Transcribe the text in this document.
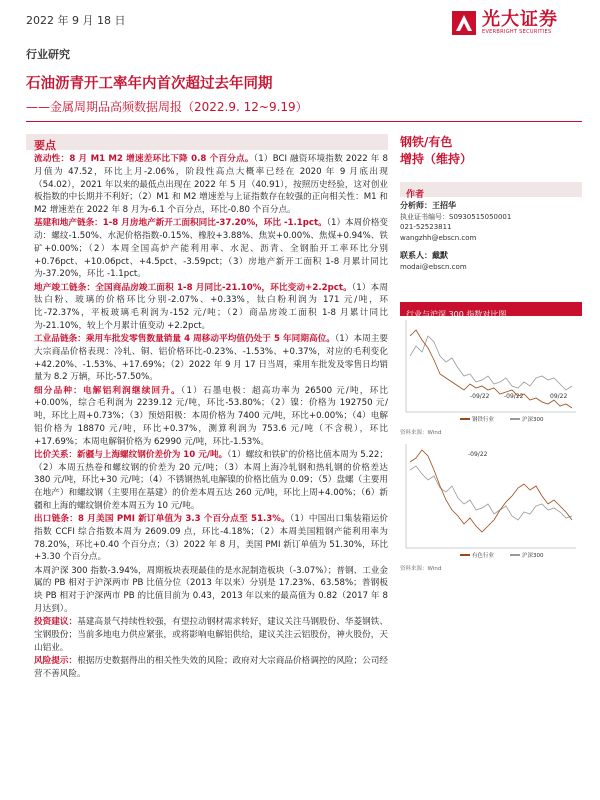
2022 年 9 月 18 日	光大证券
EVERBRIGHT SECURITIES
行业研究
石油沥青开工率年内首次超过去年同期
——金属周期品高频数据周报（2022.9. 12~9.19）
要点
流动性：8 月 M1 M2 增速差环比下降 0.8 个百分点。（1）BCI 融资环境指数 2022 年 8 月值为 47.52，环比上月-2.06%，阶段性高点大概率已经在 2020 年 9 月底出现（54.02），2021 年以来的最低点出现在 2022 年 5 月（40.91），按照历史经验，这对创业板指数的中长期并不利好；（2）M1 和 M2 增速差与上证指数存在较强的正向相关性：M1 和 M2 增速差在 2022 年 8 月为-6.1 个百分点，环比-0.80 个百分点。
基建和地产链条：1-8 月房地产新开工面积同比-37.20%，环比 -1.1pct。（1）本周价格变动：螺纹-1.50%、水泥价格指数-0.15%、橡胶+3.88%、焦炭+0.00%、焦煤+0.94%、铁矿+0.00%；（2）本周全国高炉产能利用率、水泥、沥青、全钢胎开工率环比分别+0.76pct、+10.06pct、+4.5pct、-3.59pct；（3）房地产新开工面积 1-8 月累计同比为-37.20%，环比 -1.1pct。
地产竣工链条：全国商品房竣工面积 1-8 月同比-21.10%，环比变动+2.2pct。（1）本周钛白粉、玻璃的价格环比分别-2.07%、+0.33%，钛白粉利润为 171 元/吨，环比-72.37%，平板玻璃毛利润为-152 元/吨；（2）商品房竣工面积 1-8 月累计同比为-21.10%，较上个月累计值变动 +2.2pct。
工业品链条：乘用车批发零售数量销量 4 周移动平均值仍处于 5 年同期高位。（1）本周主要大宗商品价格表现：冷轧、铜、铝价格环比-0.23%、-1.53%、+0.37%，对应的毛利变化+42.20%、-1.53%、+17.69%；（2）2022 年 9 月 17 日当周，乘用车批发及零售日均销量为 8.2 万辆，环比-57.50%。
细分品种：电解铝利润继续回升。（1）石墨电极：超高功率为 26500 元/吨，环比+0.00%，综合毛利润为 2239.12 元/吨，环比-53.80%；（2）镍：价格为 192750 元/吨，环比上周+0.73%；（3）预焙阳极：本周价格为 7400 元/吨，环比+0.00%；（4）电解铝价格为 18870 元/吨，环比+0.37%，测算利润为 753.6 元/吨（不含税），环比+17.69%；本周电解铜价格为 62990 元/吨，环比-1.53%。
比价关系：新疆与上海螺纹钢价差价为 10 元/吨。（1）螺纹和铁矿的价格比值本周为 5.22；（2）本周五热卷和螺纹钢的价差为 20 元/吨；（3）本周上海冷轧钢和热轧钢的价格差达 380 元/吨，环比+30 元/吨；（4）不锈钢热轧电解镍的价格比值为 0.09；（5）盘螺（主要用在地产）和螺纹钢（主要用在基建）的价差本周五达 260 元/吨，环比上周+4.00%；（6）新疆和上海的螺纹钢价差本周五为 10 元/吨。
出口链条：8 月美国 PMI 新订单值为 3.3 个百分点至 51.3%。（1）中国出口集装箱运价指数 CCFI 综合指数本周为 2609.09 点，环比-4.18%；（2）本周美国粗钢产能利用率为 78.20%，环比+0.40 个百分点；（3）2022 年 8 月，美国 PMI 新订单值为 51.30%，环比+3.30 个百分点。
本周沪深 300 指数-3.94%，周期板块表现最佳的是水泥制造板块（-3.07%）；普钢、工业金属的 PB 相对于沪深两市 PB 比值分位（2013 年以来）分别是 17.23%、63.58%；普钢板块 PB 相对于沪深两市 PB 的比值目前为 0.43，2013 年以来的最高值为 0.82（2017 年 8 月达到）。
投资建议：基建高景气持续性较强，有望拉动钢材需求转好，建议关注马钢股份、华菱钢铁、宝钢股份；当前多地电力供应紧张，或将影响电解铝供给，建议关注云铝股份，神火股份，天山铝业。
风险提示：根据历史数据得出的相关性失效的风险；政府对大宗商品价格调控的风险；公司经营不善风险。
钢铁/有色
增持（维持）
作者
分析师：王招华
执业证书编号：S0930515050001
021-52523811
wangzhh@ebscn.com
联系人：戴默
modai@ebscn.com
行业与沪深 300 指数对比图
-09/22 -09/22	09/22
钢铁行业	沪深300
资料来源：Wind
-09/22
有色行业	沪深300
资料来源：Wind
